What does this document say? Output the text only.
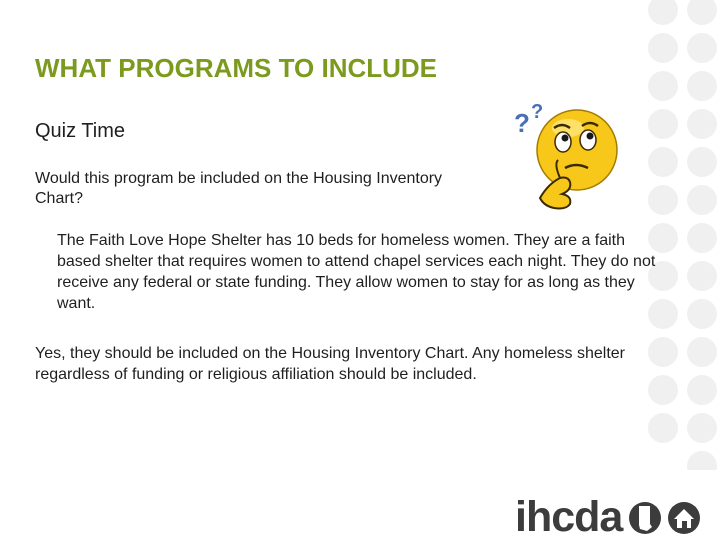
WHAT PROGRAMS TO INCLUDE
Quiz Time

Would this program be included on the Housing Inventory Chart?

The Faith Love Hope Shelter has 10 beds for homeless women. They are a faith based shelter that requires women to attend chapel services each night. They do not receive any federal or state funding. They allow women to stay for as long as they want.

Yes, they should be included on the Housing Inventory Chart. Any homeless shelter regardless of funding or religious affiliation should be included.

? ?
ihcda
